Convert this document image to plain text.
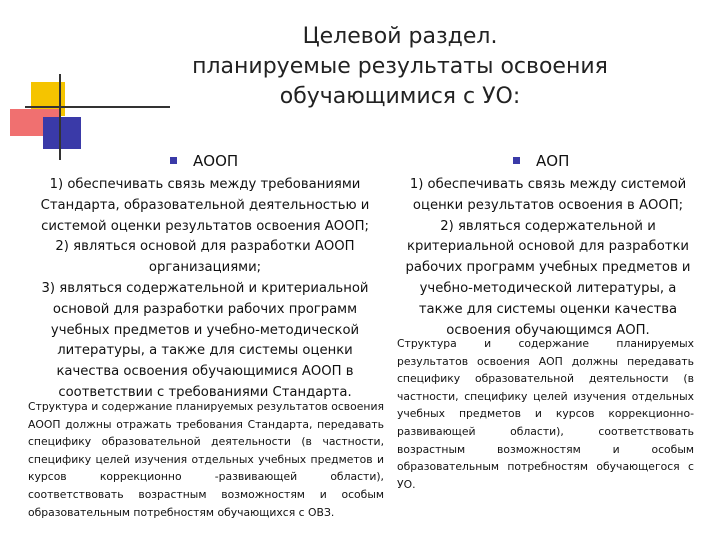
Целевой раздел.
планируемые результаты освоения
обучающимися с УО:
АООП	АОП
1) обеспечивать связь между требованиями
Стандарта, образовательной деятельностью и
системой оценки результатов освоения АООП;
2) являться основой для разработки АООП
организациями;
3) являться содержательной и критериальной
основой для разработки рабочих программ
учебных предметов и учебно-методической
литературы, а также для системы оценки
качества освоения обучающимися АООП в
соответствии с требованиями Стандарта.
1) обеспечивать связь между системой
оценки результатов освоения в АООП;
2) являться содержательной и
критериальной основой для разработки
рабочих программ учебных предметов и
учебно-методической литературы, а
также для системы оценки качества
освоения обучающимся АОП.
Структура и содержание планируемых результатов освоения АООП должны отражать требования Стандарта, передавать специфику образовательной деятельности (в частности, специфику целей изучения отдельных учебных предметов и курсов коррекционно -развивающей области), соответствовать возрастным возможностям и особым образовательным потребностям обучающихся с ОВЗ.
Структура и содержание планируемых результатов освоения АОП должны передавать специфику образовательной деятельности (в частности, специфику целей изучения отдельных учебных предметов и курсов коррекционно-развивающей области), соответствовать возрастным возможностям и особым образовательным потребностям обучающегося с УО.
